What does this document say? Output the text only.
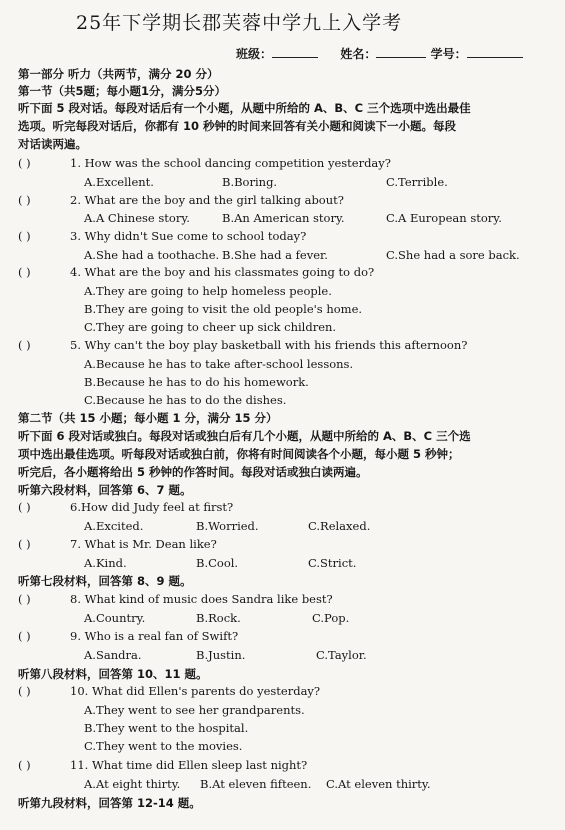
25年下学期长郡芙蓉中学九上入学考
班级：	姓名：	学号：
第一部分 听力（共两节，满分 20 分）
第一节（共5题；每小题1分，满分5分）
听下面 5 段对话。每段对话后有一个小题，从题中所给的 A、B、C 三个选项中选出最佳
选项。听完每段对话后，你都有 10 秒钟的时间来回答有关小题和阅读下一小题。每段
对话读两遍。
( )	1. How was the school dancing competition yesterday?
A.Excellent.	B.Boring.	C.Terrible.
( )	2. What are the boy and the girl talking about?
A.A Chinese story.	B.An American story.	C.A European story.
( )	3. Why didn't Sue come to school today?
A.She had a toothache. B.She had a fever.	C.She had a sore back.
( )	4. What are the boy and his classmates going to do?
A.They are going to help homeless people.
B.They are going to visit the old people's home.
C.They are going to cheer up sick children.
( )	5. Why can't the boy play basketball with his friends this afternoon?
A.Because he has to take after-school lessons.
B.Because he has to do his homework.
C.Because he has to do the dishes.
第二节（共 15 小题；每小题 1 分，满分 15 分）
听下面 6 段对话或独白。每段对话或独白后有几个小题，从题中所给的 A、B、C 三个选
项中选出最佳选项。听每段对话或独白前，你将有时间阅读各个小题，每小题 5 秒钟；
听完后，各小题将给出 5 秒钟的作答时间。每段对话或独白读两遍。
听第六段材料，回答第 6、7 题。
( )	6.How did Judy feel at first?
A.Excited.	B.Worried.	C.Relaxed.
( )	7. What is Mr. Dean like?
A.Kind.	B.Cool.	C.Strict.
听第七段材料，回答第 8、9 题。
( )	8. What kind of music does Sandra like best?
A.Country.	B.Rock.	C.Pop.
( )	9. Who is a real fan of Swift?
A.Sandra.	B.Justin.	C.Taylor.
听第八段材料，回答第 10、11 题。
( )	10. What did Ellen's parents do yesterday?
A.They went to see her grandparents.
B.They went to the hospital.
C.They went to the movies.
( )	11. What time did Ellen sleep last night?
A.At eight thirty. B.At eleven fifteen. C.At eleven thirty.
听第九段材料，回答第 12-14 题。
